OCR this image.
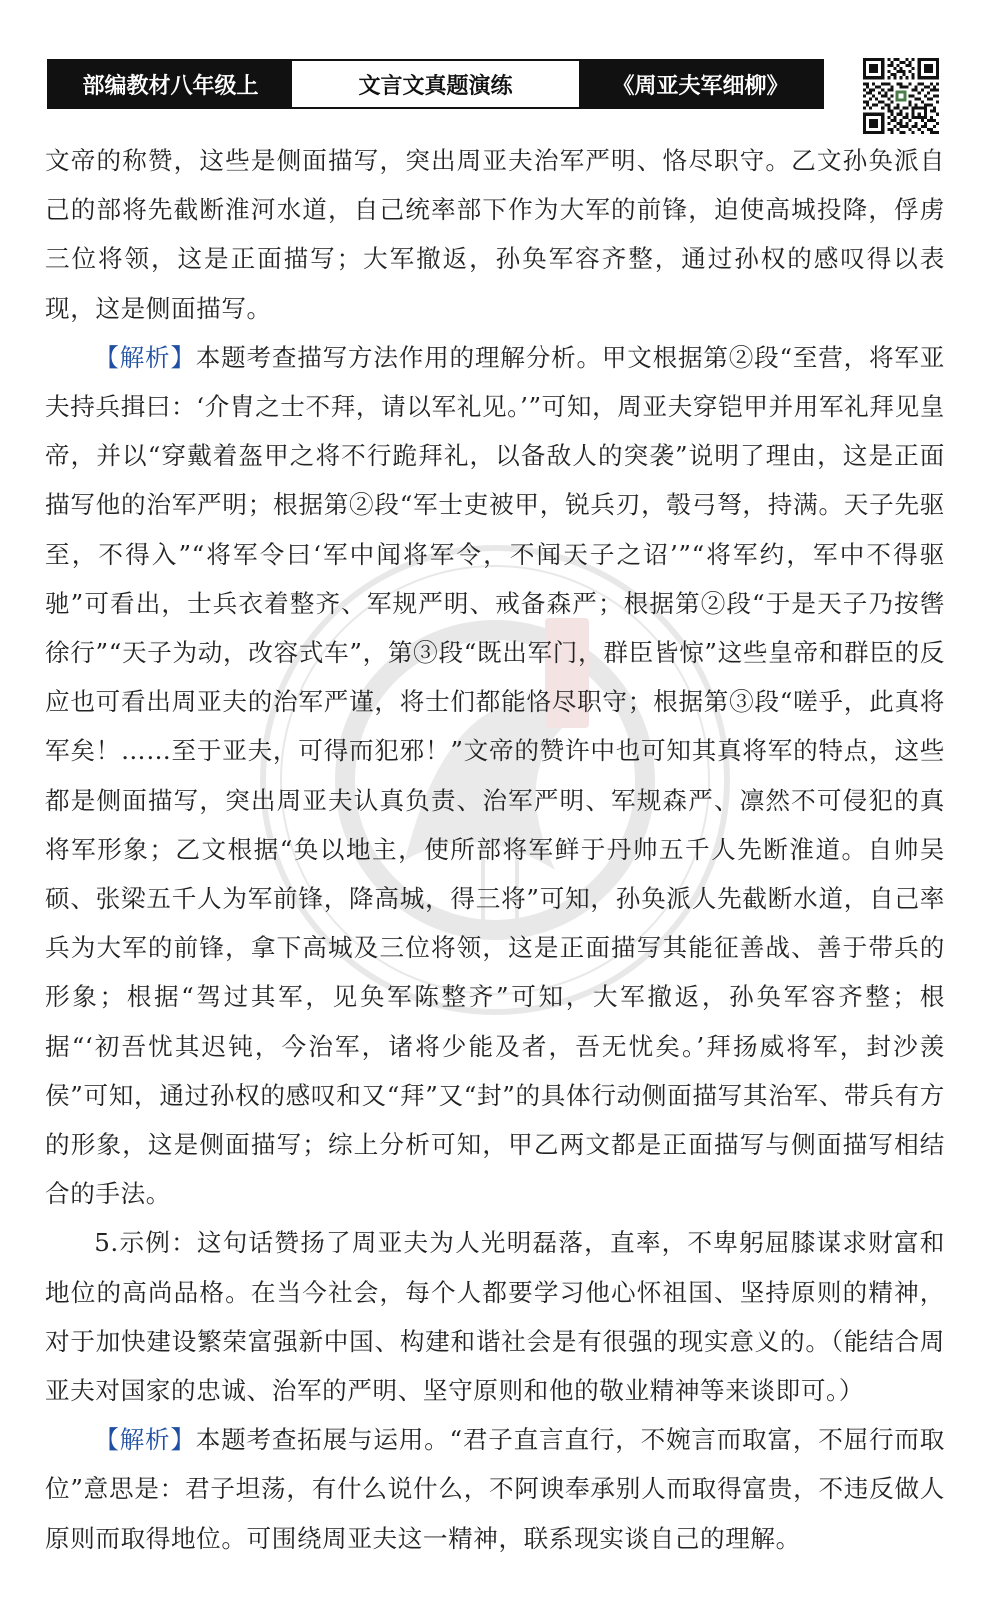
部编教材八年级上	文言文真题演练	《周亚夫军细柳》

文帝的称赞，这些是侧面描写，突出周亚夫治军严明、恪尽职守。乙文孙奂派自己的部将先截断淮河水道，自己统率部下作为大军的前锋，迫使高城投降，俘虏三位将领，这是正面描写；大军撤返，孙奂军容齐整，通过孙权的感叹得以表现，这是侧面描写。

【解析】本题考查描写方法作用的理解分析。甲文根据第②段“至营，将军亚夫持兵揖曰：‘介胄之士不拜，请以军礼见。’”可知，周亚夫穿铠甲并用军礼拜见皇帝，并以“穿戴着盔甲之将不行跪拜礼，以备敌人的突袭”说明了理由，这是正面描写他的治军严明；根据第②段“军士吏被甲，锐兵刃，彀弓弩，持满。天子先驱至，不得入”“将军令曰‘军中闻将军令，不闻天子之诏’”“将军约，军中不得驱驰”可看出，士兵衣着整齐、军规严明、戒备森严；根据第②段“于是天子乃按辔徐行”“天子为动，改容式车”，第③段“既出军门，群臣皆惊”这些皇帝和群臣的反应也可看出周亚夫的治军严谨，将士们都能恪尽职守；根据第③段“嗟乎，此真将军矣！……至于亚夫，可得而犯邪！”文帝的赞许中也可知其真将军的特点，这些都是侧面描写，突出周亚夫认真负责、治军严明、军规森严、凛然不可侵犯的真将军形象；乙文根据“奂以地主，使所部将军鲜于丹帅五千人先断淮道。自帅吴硕、张梁五千人为军前锋，降高城，得三将”可知，孙奂派人先截断水道，自己率兵为大军的前锋，拿下高城及三位将领，这是正面描写其能征善战、善于带兵的形象；根据“驾过其军，见奂军陈整齐”可知，大军撤返，孙奂军容齐整；根据“‘初吾忧其迟钝，今治军，诸将少能及者，吾无忧矣。’拜扬威将军，封沙羡侯”可知，通过孙权的感叹和又“拜”又“封”的具体行动侧面描写其治军、带兵有方的形象，这是侧面描写；综上分析可知，甲乙两文都是正面描写与侧面描写相结合的手法。

5.示例：这句话赞扬了周亚夫为人光明磊落，直率，不卑躬屈膝谋求财富和地位的高尚品格。在当今社会，每个人都要学习他心怀祖国、坚持原则的精神，对于加快建设繁荣富强新中国、构建和谐社会是有很强的现实意义的。（能结合周亚夫对国家的忠诚、治军的严明、坚守原则和他的敬业精神等来谈即可。）

【解析】本题考查拓展与运用。“君子直言直行，不婉言而取富，不屈行而取位”意思是：君子坦荡，有什么说什么，不阿谀奉承别人而取得富贵，不违反做人原则而取得地位。可围绕周亚夫这一精神，联系现实谈自己的理解。
